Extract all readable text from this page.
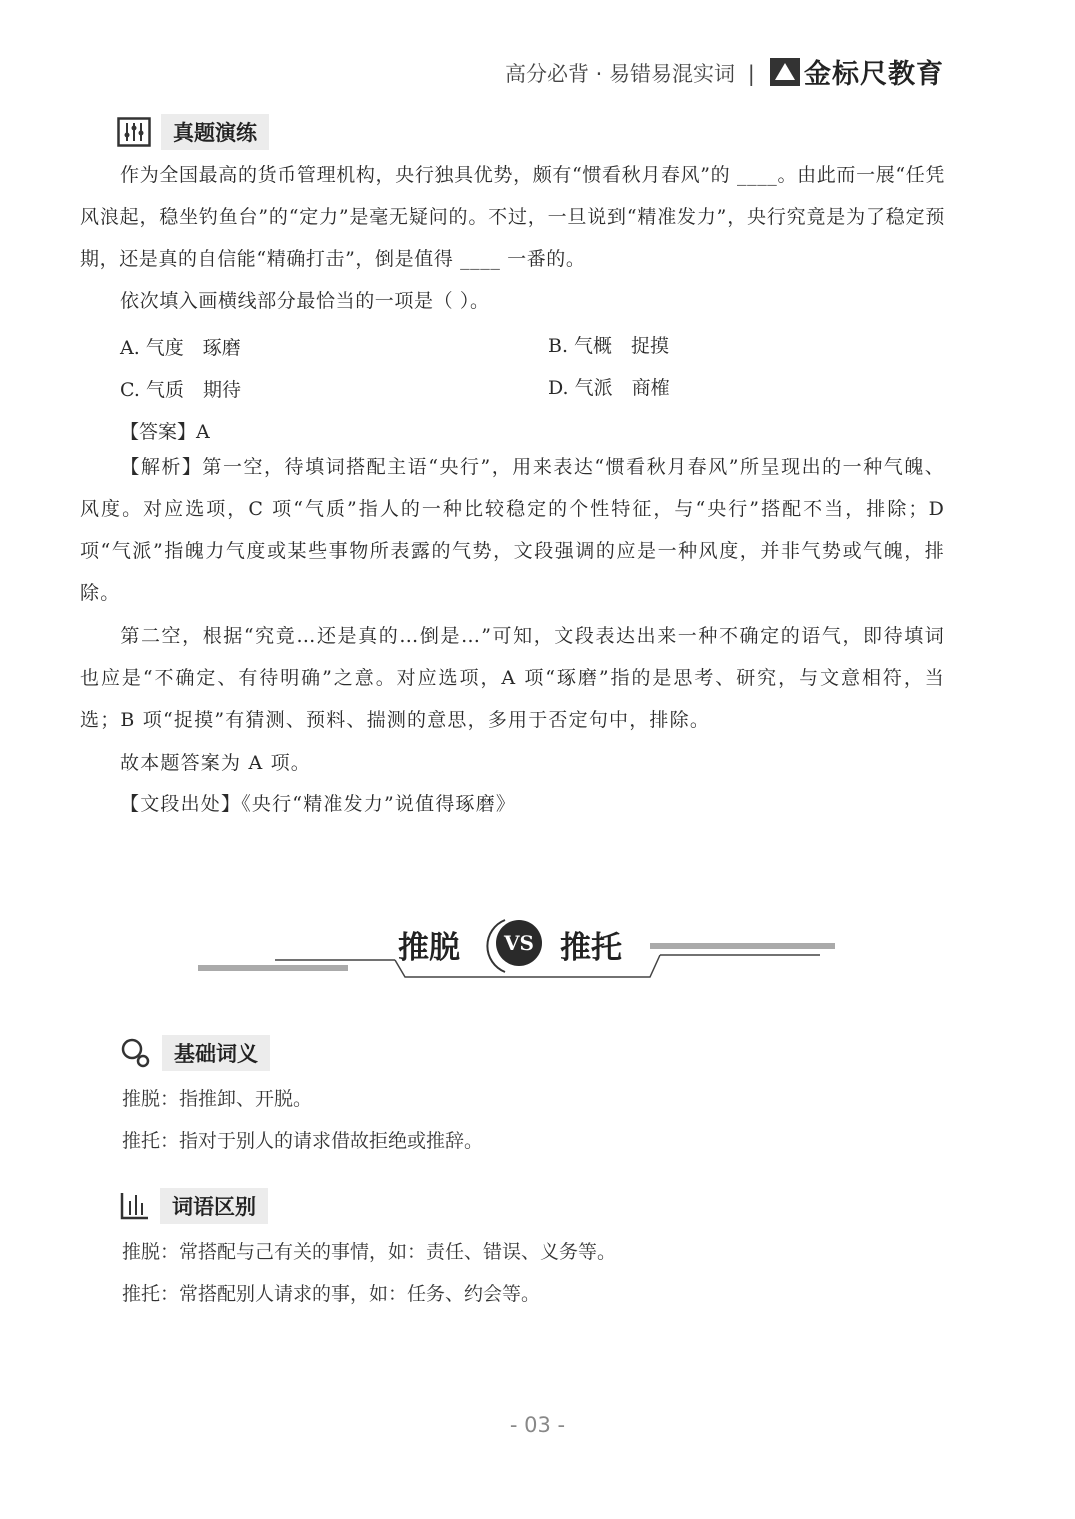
高分必背 · 易错易混实词 | 金标尺教育
真题演练
作为全国最高的货币管理机构，央行独具优势，颇有“惯看秋月春风”的 ____。由此而一展“任凭风浪起，稳坐钓鱼台”的“定力”是毫无疑问的。不过，一旦说到“精准发力”，央行究竟是为了稳定预期，还是真的自信能“精确打击”，倒是值得 ____ 一番的。
依次填入画横线部分最恰当的一项是（ ）。
A. 气度　琢磨	B. 气概　捉摸
C. 气质　期待	D. 气派　商榷
【答案】A
【解析】第一空，待填词搭配主语“央行”，用来表达“惯看秋月春风”所呈现出的一种气魄、风度。对应选项，C 项“气质”指人的一种比较稳定的个性特征，与“央行”搭配不当，排除；D 项“气派”指魄力气度或某些事物所表露的气势，文段强调的应是一种风度，并非气势或气魄，排除。
第二空，根据“究竟…还是真的…倒是…”可知，文段表达出来一种不确定的语气，即待填词也应是“不确定、有待明确”之意。对应选项，A 项“琢磨”指的是思考、研究，与文意相符，当选；B 项“捉摸”有猜测、预料、揣测的意思，多用于否定句中，排除。
故本题答案为 A 项。
【文段出处】《央行“精准发力”说值得琢磨》
推脱	VS 推托
基础词义
推脱：指推卸、开脱。
推托：指对于别人的请求借故拒绝或推辞。
词语区别
推脱：常搭配与己有关的事情，如：责任、错误、义务等。
推托：常搭配别人请求的事，如：任务、约会等。
- 03 -
